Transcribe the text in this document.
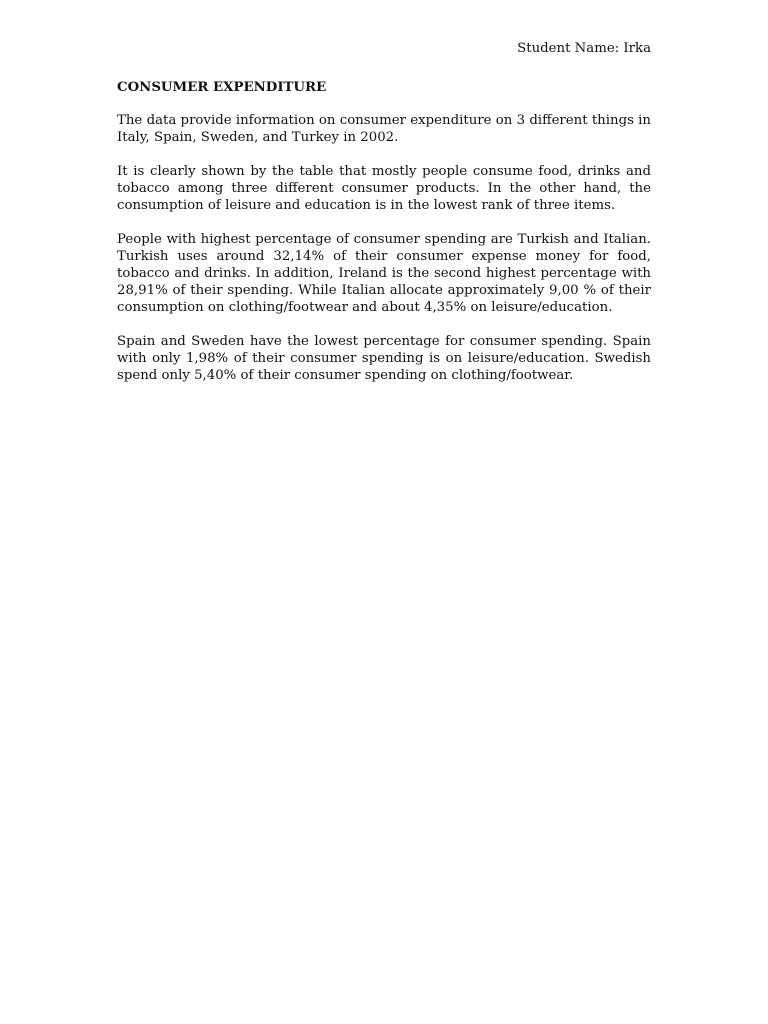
Student Name: Irka

CONSUMER EXPENDITURE

The data provide information on consumer expenditure on 3 different things in Italy, Spain, Sweden, and Turkey in 2002.

It is clearly shown by the table that mostly people consume food, drinks and tobacco among three different consumer products. In the other hand, the consumption of leisure and education is in the lowest rank of three items.

People with highest percentage of consumer spending are Turkish and Italian. Turkish uses around 32,14% of their consumer expense money for food, tobacco and drinks. In addition, Ireland is the second highest percentage with 28,91% of their spending. While Italian allocate approximately 9,00 % of their consumption on clothing/footwear and about 4,35% on leisure/education.

Spain and Sweden have the lowest percentage for consumer spending. Spain with only 1,98% of their consumer spending is on leisure/education. Swedish spend only 5,40% of their consumer spending on clothing/footwear.
